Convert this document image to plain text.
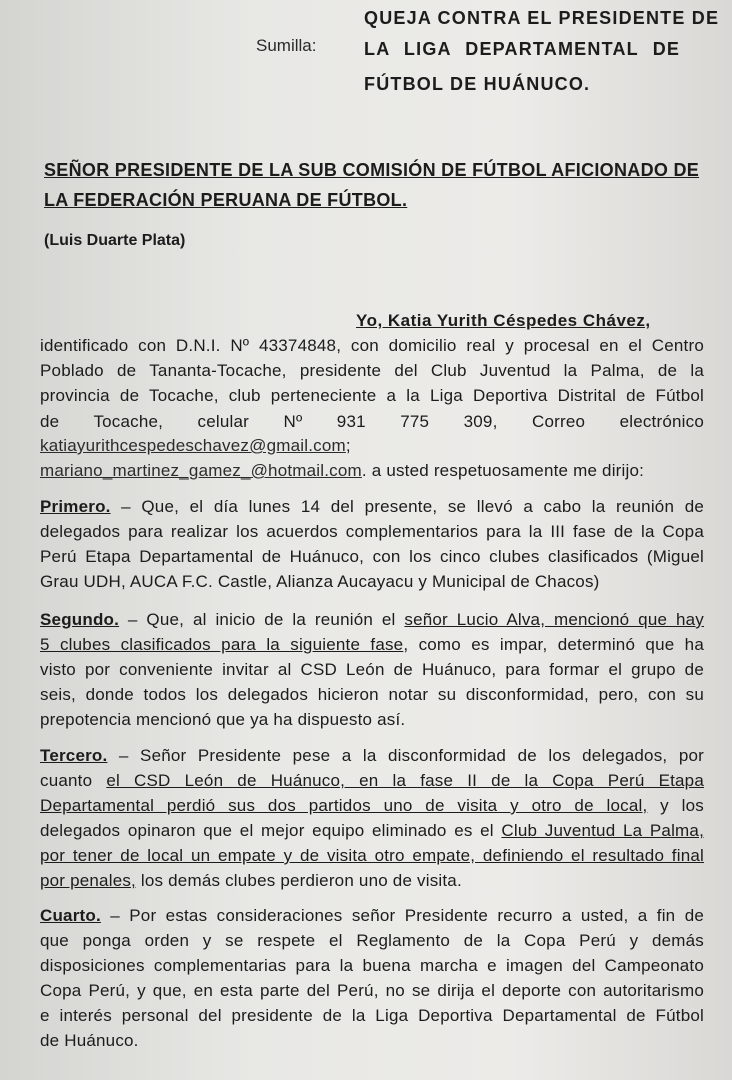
Sumilla:
QUEJA CONTRA EL PRESIDENTE DE
LA LIGA DEPARTAMENTAL DE
FÚTBOL DE HUÁNUCO.
SEÑOR PRESIDENTE DE LA SUB COMISIÓN DE FÚTBOL AFICIONADO DE
LA FEDERACIÓN PERUANA DE FÚTBOL.
(Luis Duarte Plata)
Yo, Katia Yurith Céspedes Chávez,
identificado con D.N.I. Nº 43374848, con domicilio real y procesal en el Centro
Poblado de Tananta-Tocache, presidente del Club Juventud la Palma, de la
provincia de Tocache, club perteneciente a la Liga Deportiva Distrital de Fútbol
de Tocache, celular Nº 931 775 309, Correo electrónico
katiayurithcespedeschavez@gmail.com;
mariano_martinez_gamez_@hotmail.com. a usted respetuosamente me dirijo:
Primero. – Que, el día lunes 14 del presente, se llevó a cabo la reunión de
delegados para realizar los acuerdos complementarios para la III fase de la Copa
Perú Etapa Departamental de Huánuco, con los cinco clubes clasificados (Miguel
Grau UDH, AUCA F.C. Castle, Alianza Aucayacu y Municipal de Chacos)
Segundo. – Que, al inicio de la reunión el señor Lucio Alva, mencionó que hay
5 clubes clasificados para la siguiente fase, como es impar, determinó que ha
visto por conveniente invitar al CSD León de Huánuco, para formar el grupo de
seis, donde todos los delegados hicieron notar su disconformidad, pero, con su
prepotencia mencionó que ya ha dispuesto así.
Tercero. – Señor Presidente pese a la disconformidad de los delegados, por
cuanto el CSD León de Huánuco, en la fase II de la Copa Perú Etapa
Departamental perdió sus dos partidos uno de visita y otro de local, y los
delegados opinaron que el mejor equipo eliminado es el Club Juventud La Palma,
por tener de local un empate y de visita otro empate, definiendo el resultado final
por penales, los demás clubes perdieron uno de visita.
Cuarto. – Por estas consideraciones señor Presidente recurro a usted, a fin de
que ponga orden y se respete el Reglamento de la Copa Perú y demás
disposiciones complementarias para la buena marcha e imagen del Campeonato
Copa Perú, y que, en esta parte del Perú, no se dirija el deporte con autoritarismo
e interés personal del presidente de la Liga Deportiva Departamental de Fútbol
de Huánuco.
